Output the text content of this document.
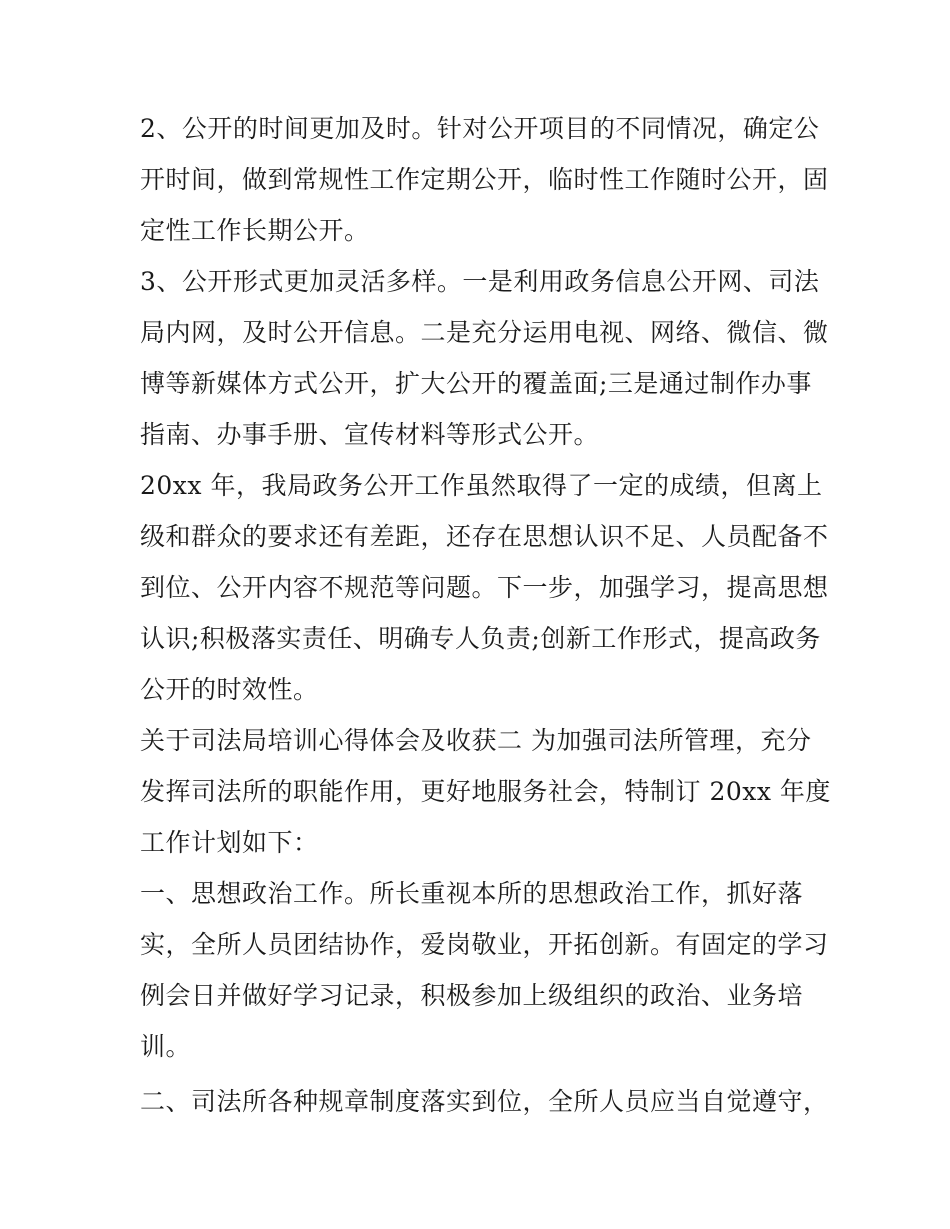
2、公开的时间更加及时。针对公开项目的不同情况，确定公
开时间，做到常规性工作定期公开，临时性工作随时公开，固
定性工作长期公开。
3、公开形式更加灵活多样。一是利用政务信息公开网、司法
局内网，及时公开信息。二是充分运用电视、网络、微信、微
博等新媒体方式公开，扩大公开的覆盖面;三是通过制作办事
指南、办事手册、宣传材料等形式公开。
20xx 年，我局政务公开工作虽然取得了一定的成绩，但离上
级和群众的要求还有差距，还存在思想认识不足、人员配备不
到位、公开内容不规范等问题。下一步，加强学习，提高思想
认识;积极落实责任、明确专人负责;创新工作形式，提高政务
公开的时效性。
关于司法局培训心得体会及收获二 为加强司法所管理，充分
发挥司法所的职能作用，更好地服务社会，特制订 20xx 年度
工作计划如下：
一、思想政治工作。所长重视本所的思想政治工作，抓好落
实，全所人员团结协作，爱岗敬业，开拓创新。有固定的学习
例会日并做好学习记录，积极参加上级组织的政治、业务培
训。
二、司法所各种规章制度落实到位，全所人员应当自觉遵守，
